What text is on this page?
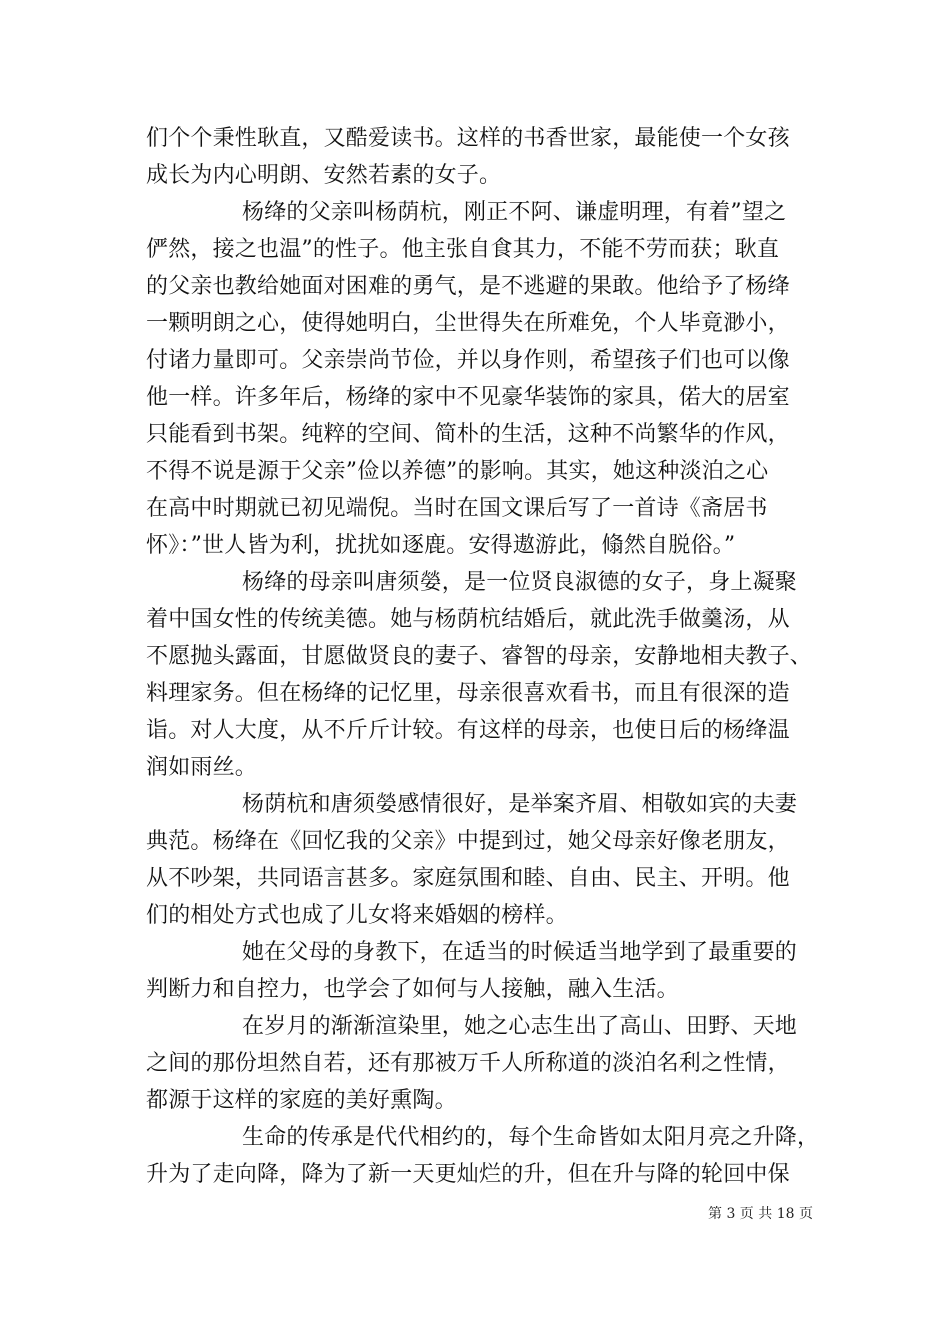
们个个秉性耿直，又酷爱读书。这样的书香世家，最能使一个女孩
成长为内心明朗、安然若素的女子。
杨绛的父亲叫杨荫杭，刚正不阿、谦虚明理，有着”望之
俨然，接之也温”的性子。他主张自食其力，不能不劳而获；耿直
的父亲也教给她面对困难的勇气，是不逃避的果敢。他给予了杨绛
一颗明朗之心，使得她明白，尘世得失在所难免，个人毕竟渺小，
付诸力量即可。父亲崇尚节俭，并以身作则，希望孩子们也可以像
他一样。许多年后，杨绛的家中不见豪华装饰的家具，偌大的居室
只能看到书架。纯粹的空间、简朴的生活，这种不尚繁华的作风，
不得不说是源于父亲”俭以养德”的影响。其实，她这种淡泊之心
在高中时期就已初见端倪。当时在国文课后写了一首诗《斋居书
怀》：”世人皆为利，扰扰如逐鹿。安得遨游此，翛然自脱俗。”
杨绛的母亲叫唐须嫈，是一位贤良淑德的女子，身上凝聚
着中国女性的传统美德。她与杨荫杭结婚后，就此洗手做羹汤，从
不愿抛头露面，甘愿做贤良的妻子、睿智的母亲，安静地相夫教子、
料理家务。但在杨绛的记忆里，母亲很喜欢看书，而且有很深的造
诣。对人大度，从不斤斤计较。有这样的母亲，也使日后的杨绛温
润如雨丝。
杨荫杭和唐须嫈感情很好，是举案齐眉、相敬如宾的夫妻
典范。杨绛在《回忆我的父亲》中提到过，她父母亲好像老朋友，
从不吵架，共同语言甚多。家庭氛围和睦、自由、民主、开明。他
们的相处方式也成了儿女将来婚姻的榜样。
她在父母的身教下，在适当的时候适当地学到了最重要的
判断力和自控力，也学会了如何与人接触，融入生活。
在岁月的渐渐渲染里，她之心志生出了高山、田野、天地
之间的那份坦然自若，还有那被万千人所称道的淡泊名利之性情，
都源于这样的家庭的美好熏陶。
生命的传承是代代相约的，每个生命皆如太阳月亮之升降，
升为了走向降，降为了新一天更灿烂的升，但在升与降的轮回中保
第 3 页 共 18 页
